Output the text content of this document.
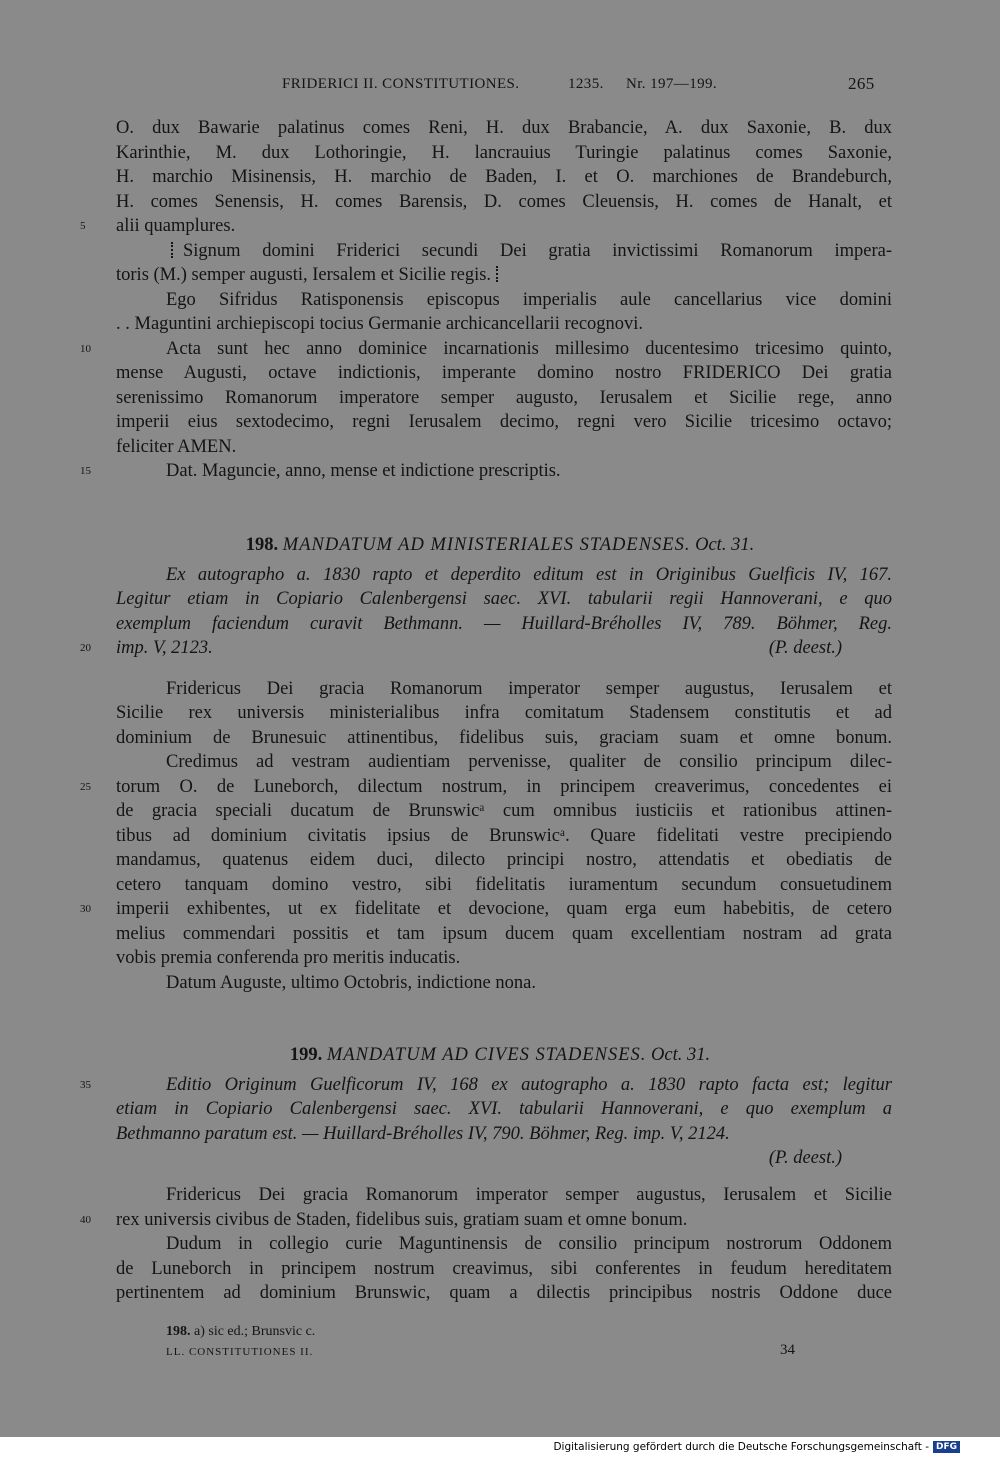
FRIDERICI II. CONSTITUTIONES.	1235. Nr. 197—199.	265
O. dux Bawarie palatinus comes Reni, H. dux Brabancie, A. dux Saxonie, B. dux
Karinthie, M. dux Lothoringie, H. lancrauius Turingie palatinus comes Saxonie,
H. marchio Misinensis, H. marchio de Baden, I. et O. marchiones de Brandeburch,
H. comes Senensis, H. comes Barensis, D. comes Cleuensis, H. comes de Hanalt, et
alii quamplures.
Signum domini Friderici secundi Dei gratia invictissimi Romanorum impera-
toris (M.) semper augusti, Iersalem et Sicilie regis.
Ego Sifridus Ratisponensis episcopus imperialis aule cancellarius vice domini
. . Maguntini archiepiscopi tocius Germanie archicancellarii recognovi.
Acta sunt hec anno dominice incarnationis millesimo ducentesimo tricesimo quinto,
mense Augusti, octave indictionis, imperante domino nostro FRIDERICO Dei gratia
serenissimo Romanorum imperatore semper augusto, Ierusalem et Sicilie rege, anno
imperii eius sextodecimo, regni Ierusalem decimo, regni vero Sicilie tricesimo octavo;
feliciter AMEN.
Dat. Maguncie, anno, mense et indictione prescriptis.
198. MANDATUM AD MINISTERIALES STADENSES. Oct. 31.
Ex autographo a. 1830 rapto et deperdito editum est in Originibus Guelficis IV, 167.
Legitur etiam in Copiario Calenbergensi saec. XVI. tabularii regii Hannoverani, e quo
exemplum faciendum curavit Bethmann. — Huillard-Bréholles IV, 789. Böhmer, Reg.
imp. V, 2123.	(P. deest.)
Fridericus Dei gracia Romanorum imperator semper augustus, Ierusalem et
Sicilie rex universis ministerialibus infra comitatum Stadensem constitutis et ad
dominium de Brunesuic attinentibus, fidelibus suis, graciam suam et omne bonum.
Credimus ad vestram audientiam pervenisse, qualiter de consilio principum dilec-
torum O. de Luneborch, dilectum nostrum, in principem creaverimus, concedentes ei
de gracia speciali ducatum de Brunswicᵃ cum omnibus iusticiis et rationibus attinen-
tibus ad dominium civitatis ipsius de Brunswicᵃ. Quare fidelitati vestre precipiendo
mandamus, quatenus eidem duci, dilecto principi nostro, attendatis et obediatis de
cetero tanquam domino vestro, sibi fidelitatis iuramentum secundum consuetudinem
imperii exhibentes, ut ex fidelitate et devocione, quam erga eum habebitis, de cetero
melius commendari possitis et tam ipsum ducem quam excellentiam nostram ad grata
vobis premia conferenda pro meritis inducatis.
Datum Auguste, ultimo Octobris, indictione nona.
199. MANDATUM AD CIVES STADENSES. Oct. 31.
Editio Originum Guelficorum IV, 168 ex autographo a. 1830 rapto facta est; legitur
etiam in Copiario Calenbergensi saec. XVI. tabularii Hannoverani, e quo exemplum a
Bethmanno paratum est. — Huillard-Bréholles IV, 790. Böhmer, Reg. imp. V, 2124.
(P. deest.)
Fridericus Dei gracia Romanorum imperator semper augustus, Ierusalem et Sicilie
rex universis civibus de Staden, fidelibus suis, gratiam suam et omne bonum.
Dudum in collegio curie Maguntinensis de consilio principum nostrorum Oddonem
de Luneborch in principem nostrum creavimus, sibi conferentes in feudum hereditatem
pertinentem ad dominium Brunswic, quam a dilectis principibus nostris Oddone duce
5
10
15
20
25
30
35
40
198. a) sic ed.; Brunsvic c.
LL. CONSTITUTIONES II.	34
Digitalisierung gefördert durch die Deutsche Forschungsgemeinschaft - DFG
